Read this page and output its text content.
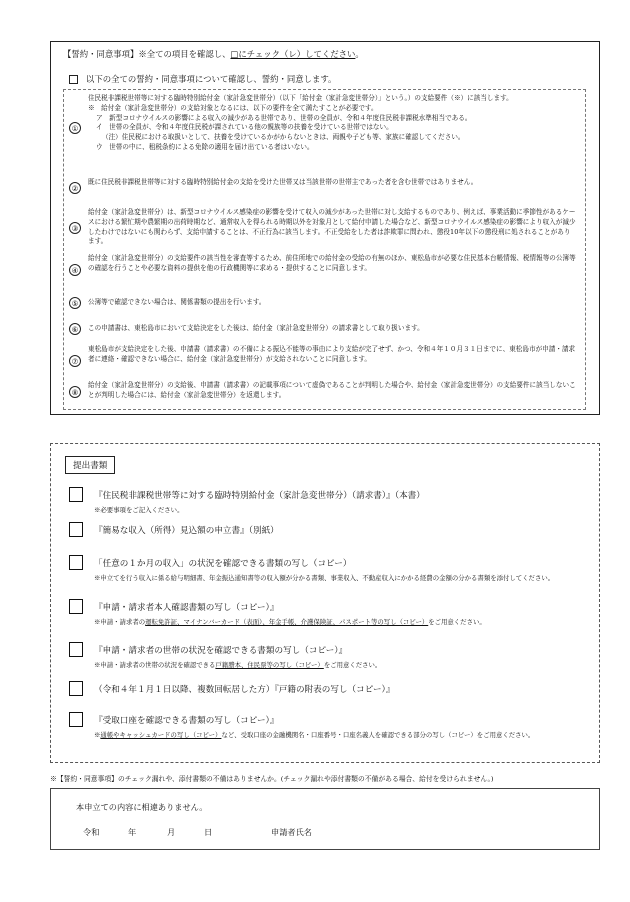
【誓約・同意事項】※全ての項目を確認し、□にチェック（レ）してください。
以下の全ての誓約・同意事項について確認し、誓約・同意します。
①

住民税非課税世帯等に対する臨時特別給付金（家計急変世帯分）（以下「給付金（家計急変世帯分）」という。）の支給要件（※）に該当します。

※　給付金（家計急変世帯分）の支給対象となるには、以下の要件を全て満たすことが必要です。

ア　新型コロナウイルスの影響による収入の減少がある世帯であり、世帯の全員が、令和４年度住民税非課税水準相当である。

イ　世帯の全員が、令和４年度住民税が課されている他の親族等の扶養を受けている世帯ではない。

（注）住民税における取扱いとして、扶養を受けているかがからないときは、両親や子ども等、家族に確認してください。

ウ　世帯の中に、租税条約による免除の適用を届け出ている者はいない。

②

既に住民税非課税世帯等に対する臨時特別給付金の支給を受けた世帯又は当該世帯の世帯主であった者を含む世帯ではありません。

③

給付金（家計急変世帯分）は、新型コロナウイルス感染症の影響を受けて収入の減少があった世帯に対し支給するものであり、例えば、事業活動に季節性があるケースにおける繁忙期や農繁期の出荷時期など、通常収入を得られる時期以外を対象月として給付申請した場合など、新型コロナウイルス感染症の影響により収入が減少したわけではないにも関わらず、支給申請することは、不正行為に該当します。不正受給をした者は詐欺罪に問われ、懲役10年以下の懲役刑に処されることがあります。

④

給付金（家計急変世帯分）の支給要件の該当性を審査等するため、前住所地での給付金の受給の有無のほか、東松島市が必要な住民基本台帳情報、税情報等の公簿等の確認を行うことや必要な資料の提供を他の行政機関等に求める・提供することに同意します。

⑤	公簿等で確認できない場合は、関係書類の提出を行います。

⑥	この申請書は、東松島市において支給決定をした後は、給付金（家計急変世帯分）の請求書として取り扱います。

⑦

東松島市が支給決定をした後、申請書（請求書）の不備による振込不能等の事由により支給が完了せず、かつ、令和４年１０月３１日までに、東松島市が申請・請求者に連絡・確認できない場合に、給付金（家計急変世帯分）が支給されないことに同意します。

⑧

給付金（家計急変世帯分）の支給後、申請書（請求書）の記載事項について虚偽であることが判明した場合や、給付金（家計急変世帯分）の支給要件に該当しないことが判明した場合には、給付金（家計急変世帯分）を返還します。

提出書類
『住民税非課税世帯等に対する臨時特別給付金（家計急変世帯分）（請求書）』（本書）
※必要事項をご記入ください。
『簡易な収入（所得）見込額の申立書』（別紙）
「任意の１か月の収入」の状況を確認できる書類の写し（コピー）
※申立てを行う収入に係る給与明細書、年金振込通知書等の収入額が分かる書類、事業収入、不動産収入にかかる経費の金額の分かる書類を添付してください。
『申請・請求者本人確認書類の写し（コピー）』
※申請・請求者の運転免許証、マイナンバーカード（表面）、年金手帳、介護保険証、パスポート等の写し（コピー）をご用意ください。
『申請・請求者の世帯の状況を確認できる書類の写し（コピー）』
※申請・請求者の世帯の状況を確認できる戸籍謄本、住民票等の写し（コピー）をご用意ください。
（令和４年１月１日以降、複数回転居した方）『戸籍の附表の写し（コピー）』
『受取口座を確認できる書類の写し（コピー）』
※通帳やキャッシュカードの写し（コピー）など、受取口座の金融機関名・口座番号・口座名義人を確認できる部分の写し（コピー）をご用意ください。
※【誓約・同意事項】のチェック漏れや、添付書類の不備はありませんか。(チェック漏れや添付書類の不備がある場合、給付を受けられません。)
本申立ての内容に相違ありません。
令和	年	月	日	申請者氏名
